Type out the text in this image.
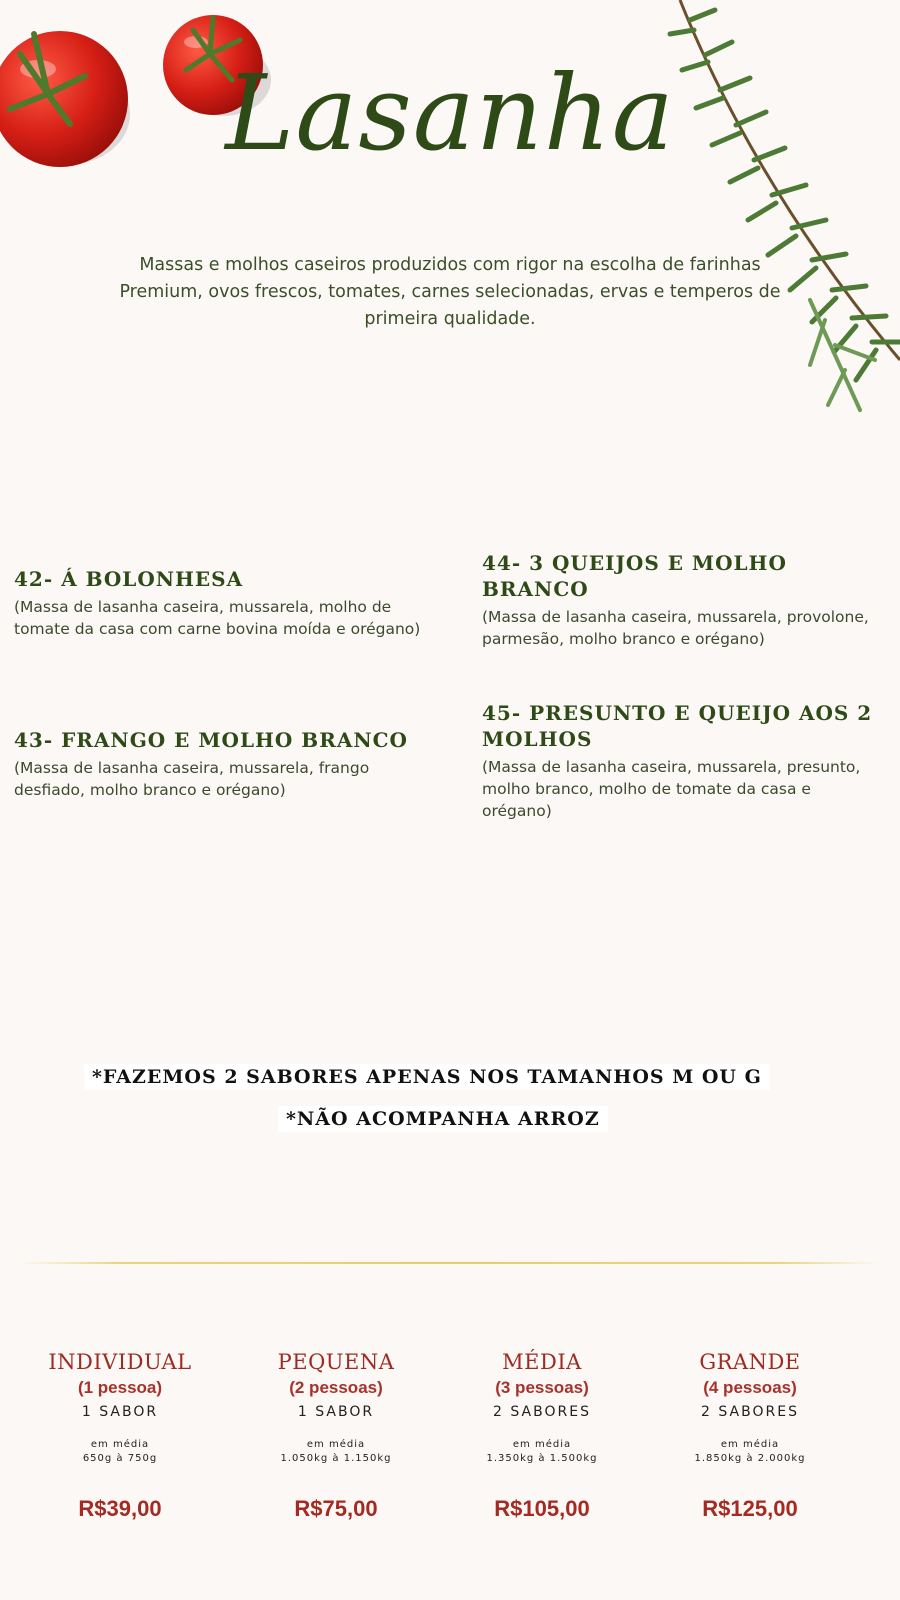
Lasanha
Massas e molhos caseiros produzidos com rigor na escolha de farinhas Premium, ovos frescos, tomates, carnes selecionadas, ervas e temperos de primeira qualidade.
42- Á BOLONHESA
(Massa de lasanha caseira, mussarela, molho de tomate da casa com carne bovina moída e orégano)
43- FRANGO E MOLHO BRANCO
(Massa de lasanha caseira, mussarela, frango desfiado, molho branco e orégano)
44- 3 QUEIJOS E MOLHO BRANCO
(Massa de lasanha caseira, mussarela, provolone, parmesão, molho branco e orégano)
45- PRESUNTO E QUEIJO AOS 2 MOLHOS
(Massa de lasanha caseira, mussarela, presunto, molho branco, molho de tomate da casa e orégano)
*FAZEMOS 2 SABORES APENAS NOS TAMANHOS M OU G
*NÃO ACOMPANHA ARROZ
INDIVIDUAL
(1 pessoa)
1 SABOR
em média
650g à 750g
R$39,00
PEQUENA
(2 pessoas)
1 SABOR
em média
1.050kg à 1.150kg
R$75,00
MÉDIA
(3 pessoas)
2 SABORES
em média
1.350kg à 1.500kg
R$105,00
GRANDE
(4 pessoas)
2 SABORES
em média
1.850kg à 2.000kg
R$125,00
